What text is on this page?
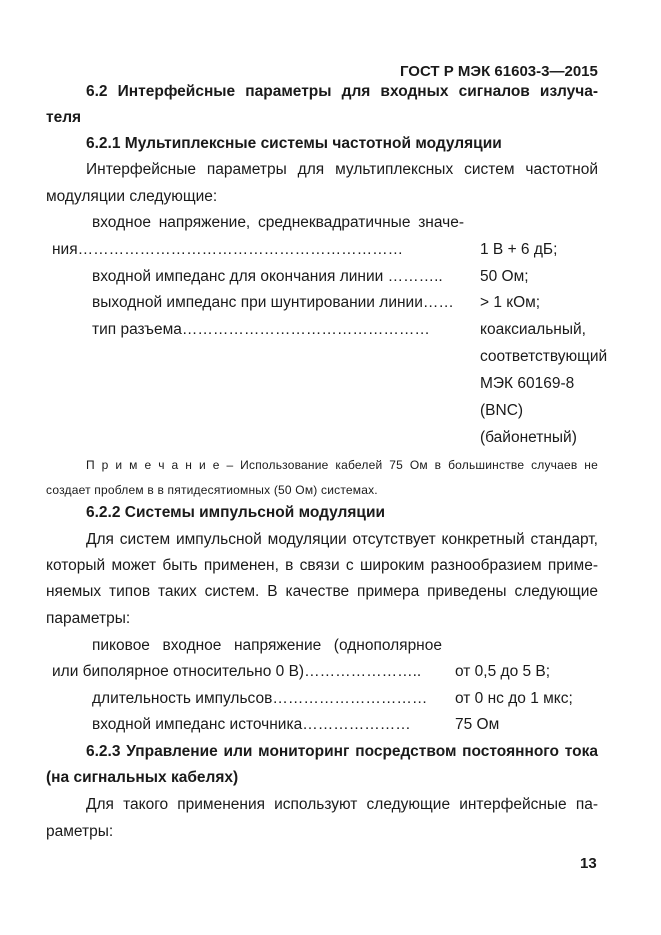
ГОСТ Р МЭК 61603-3—2015
6.2 Интерфейсные параметры для входных сигналов излуча-
теля
6.2.1 Мультиплексные системы частотной модуляции
Интерфейсные параметры для мультиплексных систем частотной
модуляции следующие:
входное напряжение, среднеквадратичные значе-
ния………………………………………………………	1 В + 6 дБ;
входной импеданс для окончания линии ……….. 50 Ом;
выходной импеданс при шунтировании линии…… > 1 кОм;
тип разъема…………………………………………	коаксиальный,
соответствующий
МЭК 60169-8
(BNC)
(байонетный)
П р и м е ч а н и е – Использование кабелей 75 Ом в большинстве случаев не
создает проблем в в пятидесятиомных (50 Ом) системах.
6.2.2 Системы импульсной модуляции
Для систем импульсной модуляции отсутствует конкретный стандарт,
который может быть применен, в связи с широким разнообразием приме-
няемых типов таких систем. В качестве примера приведены следующие
параметры:
пиковое входное напряжение (однополярное
или биполярное относительно 0 В)………………….. от 0,5 до 5 В;
длительность импульсов………………………… от 0 нс до 1 мкс;
входной импеданс источника…………………	75 Ом
6.2.3 Управление или мониторинг посредством постоянного тока
(на сигнальных кабелях)
Для такого применения используют следующие интерфейсные па-
раметры:
13
